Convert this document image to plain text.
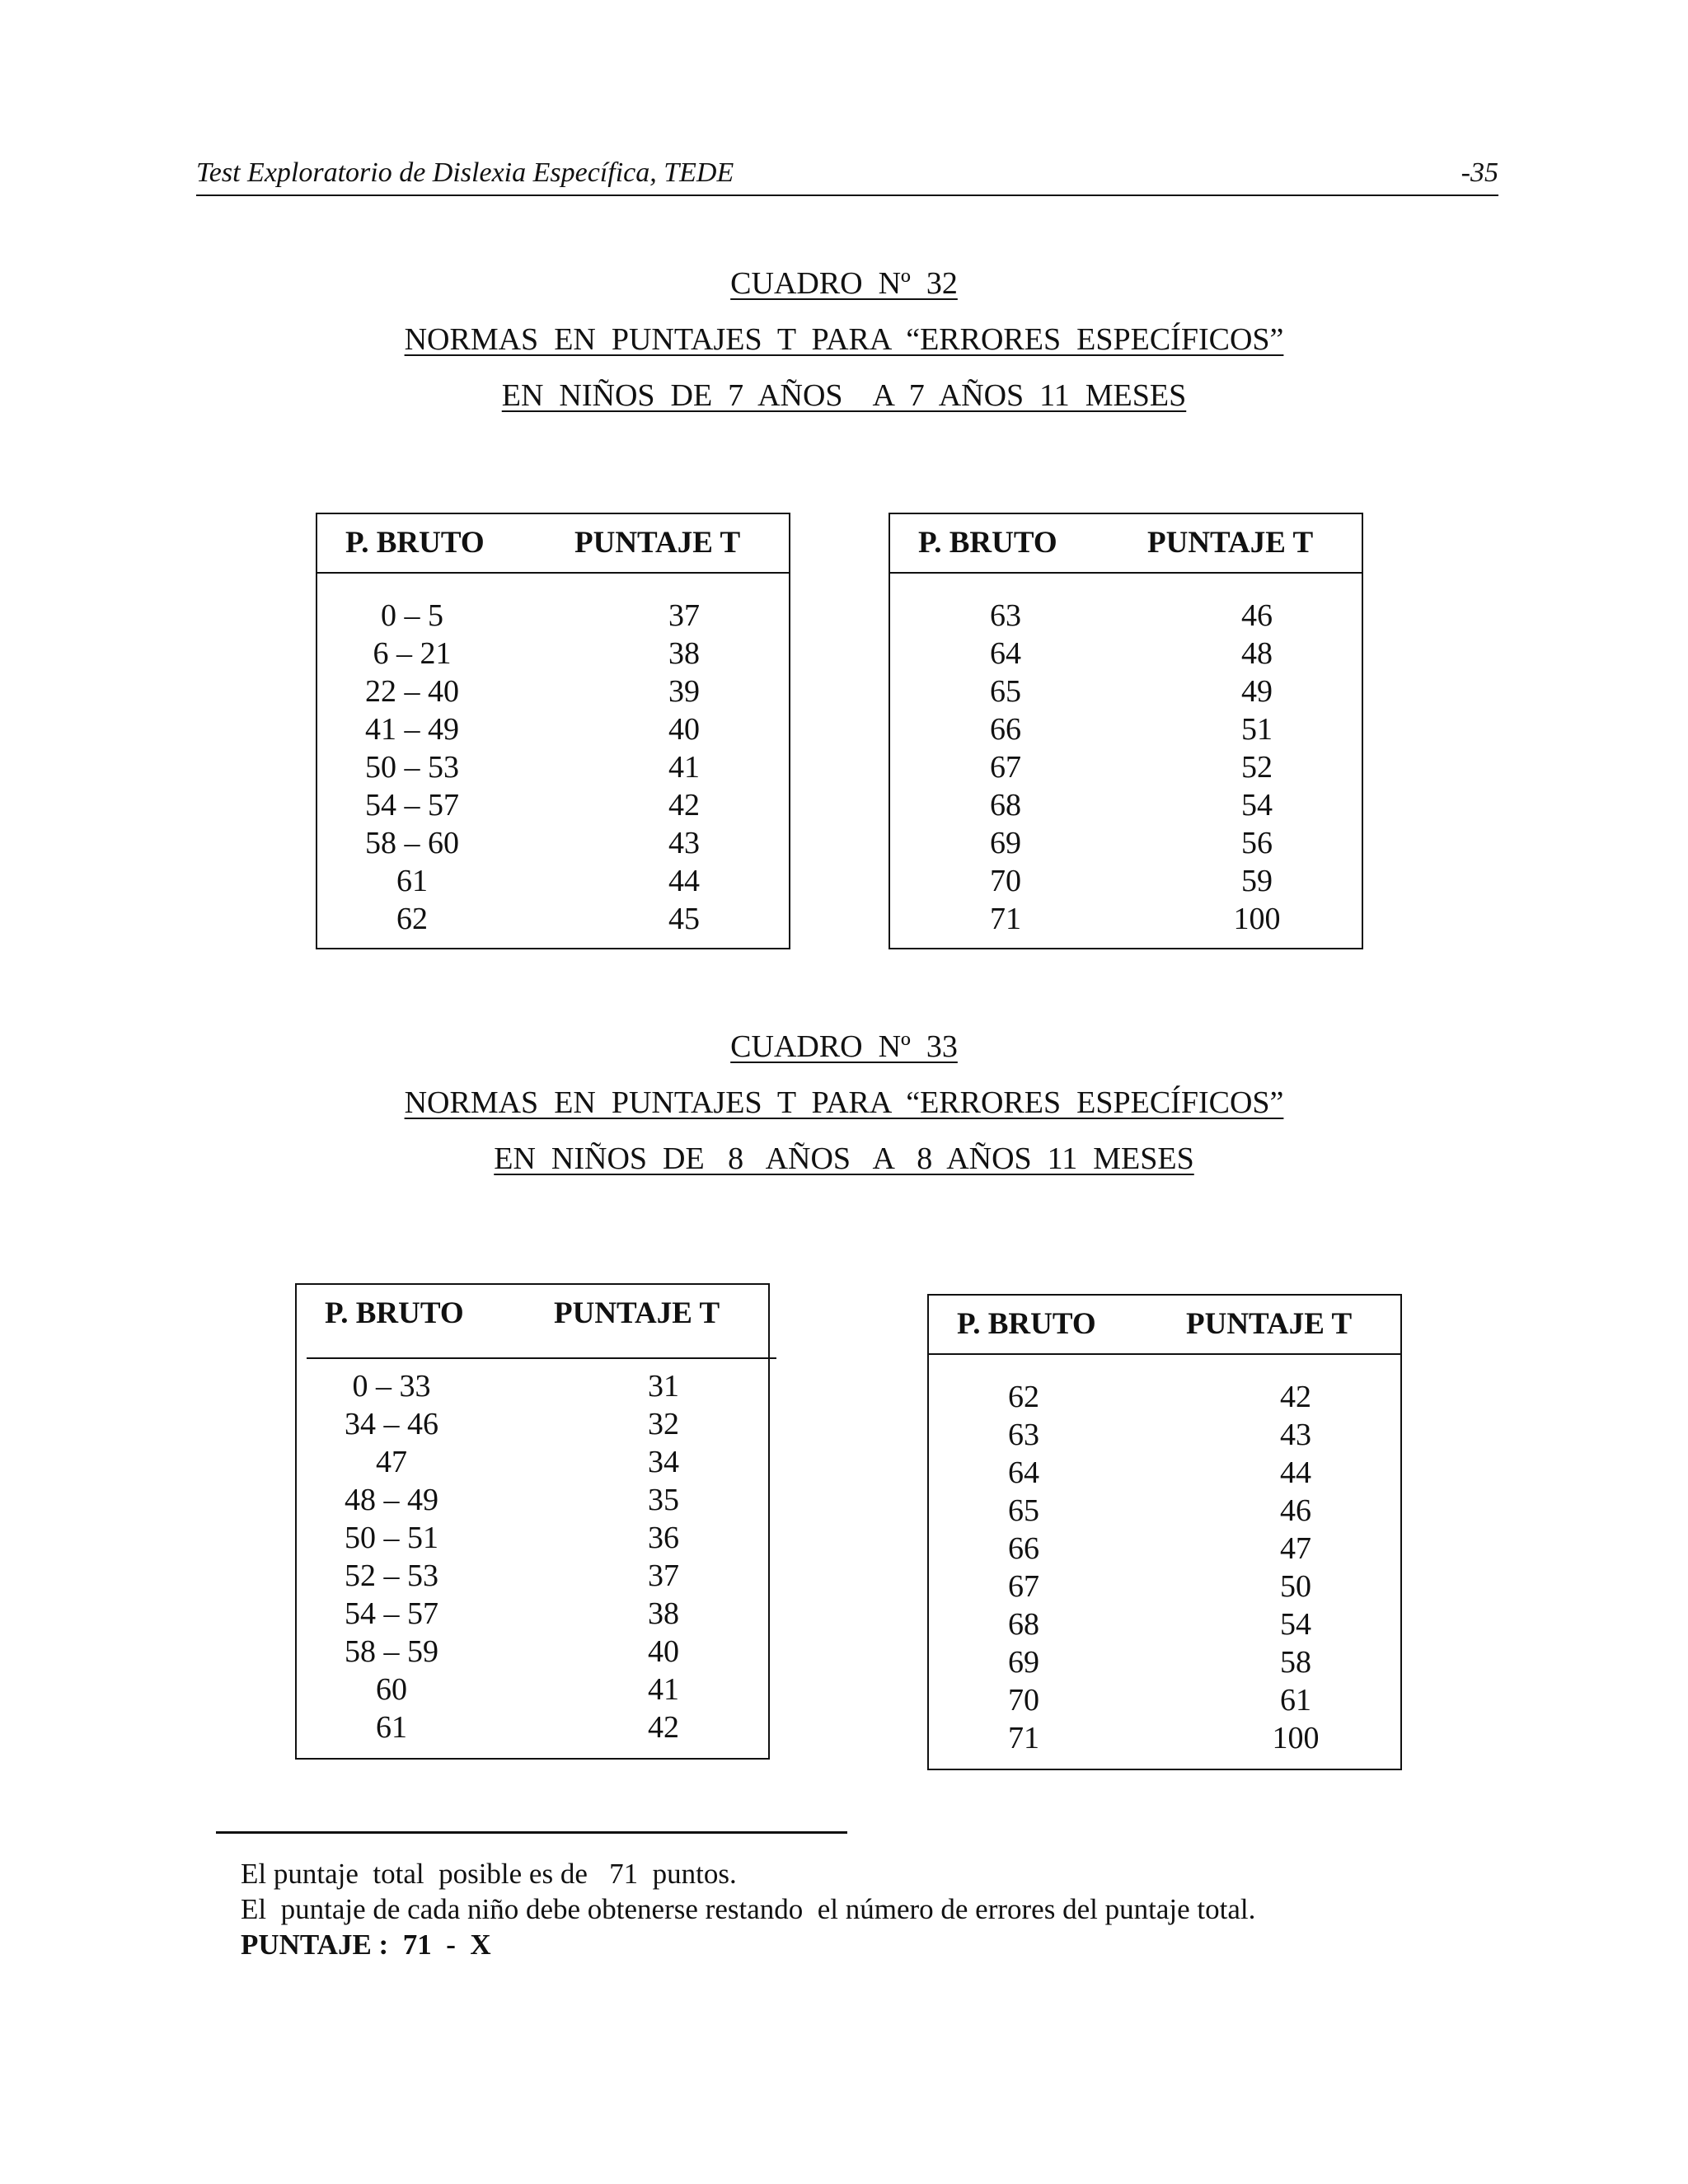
Test Exploratorio de Dislexia Específica, TEDE	-35
CUADRO  Nº  32
NORMAS  EN  PUNTAJES  T  PARA  “ERRORES  ESPECÍFICOS”
EN  NIÑOS  DE  7  AÑOS    A  7  AÑOS  11  MESES
P. BRUTO	PUNTAJE T
0 – 5	37
6 – 21	38
22 – 40	39
41 – 49	40
50 – 53	41
54 – 57	42
58 – 60	43
61	44
62	45
P. BRUTO	PUNTAJE T
63	46
64	48
65	49
66	51
67	52
68	54
69	56
70	59
71	100
CUADRO  Nº  33
NORMAS  EN  PUNTAJES  T  PARA  “ERRORES  ESPECÍFICOS”
EN  NIÑOS  DE   8   AÑOS   A   8  AÑOS  11  MESES
P. BRUTO	PUNTAJE T
0 – 33	31
34 – 46	32
47	34
48 – 49	35
50 – 51	36
52 – 53	37
54 – 57	38
58 – 59	40
60	41
61	42
P. BRUTO	PUNTAJE T
62	42
63	43
64	44
65	46
66	47
67	50
68	54
69	58
70	61
71	100
El puntaje  total  posible es de   71  puntos.
El  puntaje de cada niño debe obtenerse restando  el número de errores del puntaje total.
PUNTAJE :  71  -  X
